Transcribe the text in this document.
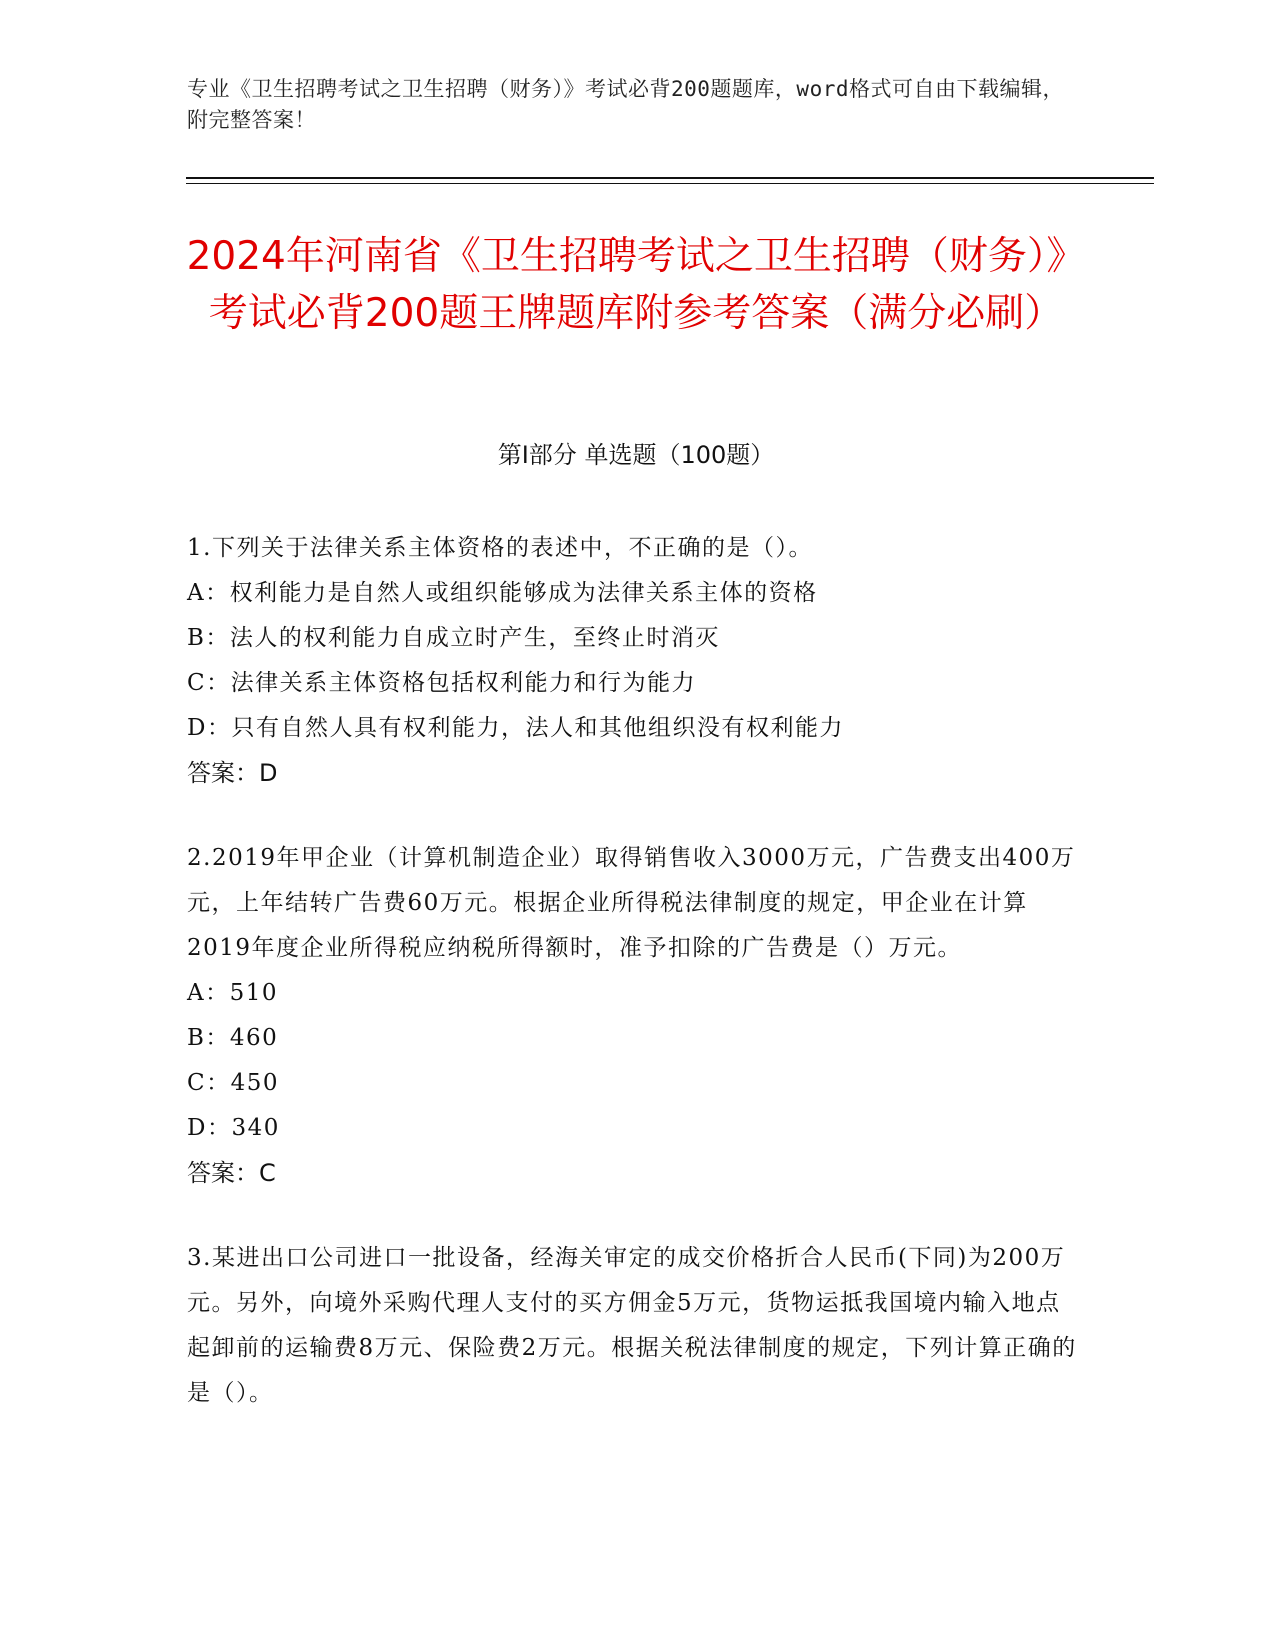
专业《卫生招聘考试之卫生招聘（财务）》考试必背200题题库，word格式可自由下载编辑，附完整答案！
2024年河南省《卫生招聘考试之卫生招聘（财务）》考试必背200题王牌题库附参考答案（满分必刷）
第I部分 单选题（100题）

1.下列关于法律关系主体资格的表述中，不正确的是（）。

A：权利能力是自然人或组织能够成为法律关系主体的资格

B：法人的权利能力自成立时产生，至终止时消灭

C：法律关系主体资格包括权利能力和行为能力

D：只有自然人具有权利能力，法人和其他组织没有权利能力

答案：D

2.2019年甲企业（计算机制造企业）取得销售收入3000万元，广告费支出400万元，上年结转广告费60万元。根据企业所得税法律制度的规定，甲企业在计算2019年度企业所得税应纳税所得额时，准予扣除的广告费是（）万元。

A：510

B：460

C：450

D：340

答案：C

3.某进出口公司进口一批设备，经海关审定的成交价格折合人民币(下同)为200万元。另外，向境外采购代理人支付的买方佣金5万元，货物运抵我国境内输入地点起卸前的运输费8万元、保险费2万元。根据关税法律制度的规定，下列计算正确的是（）。
